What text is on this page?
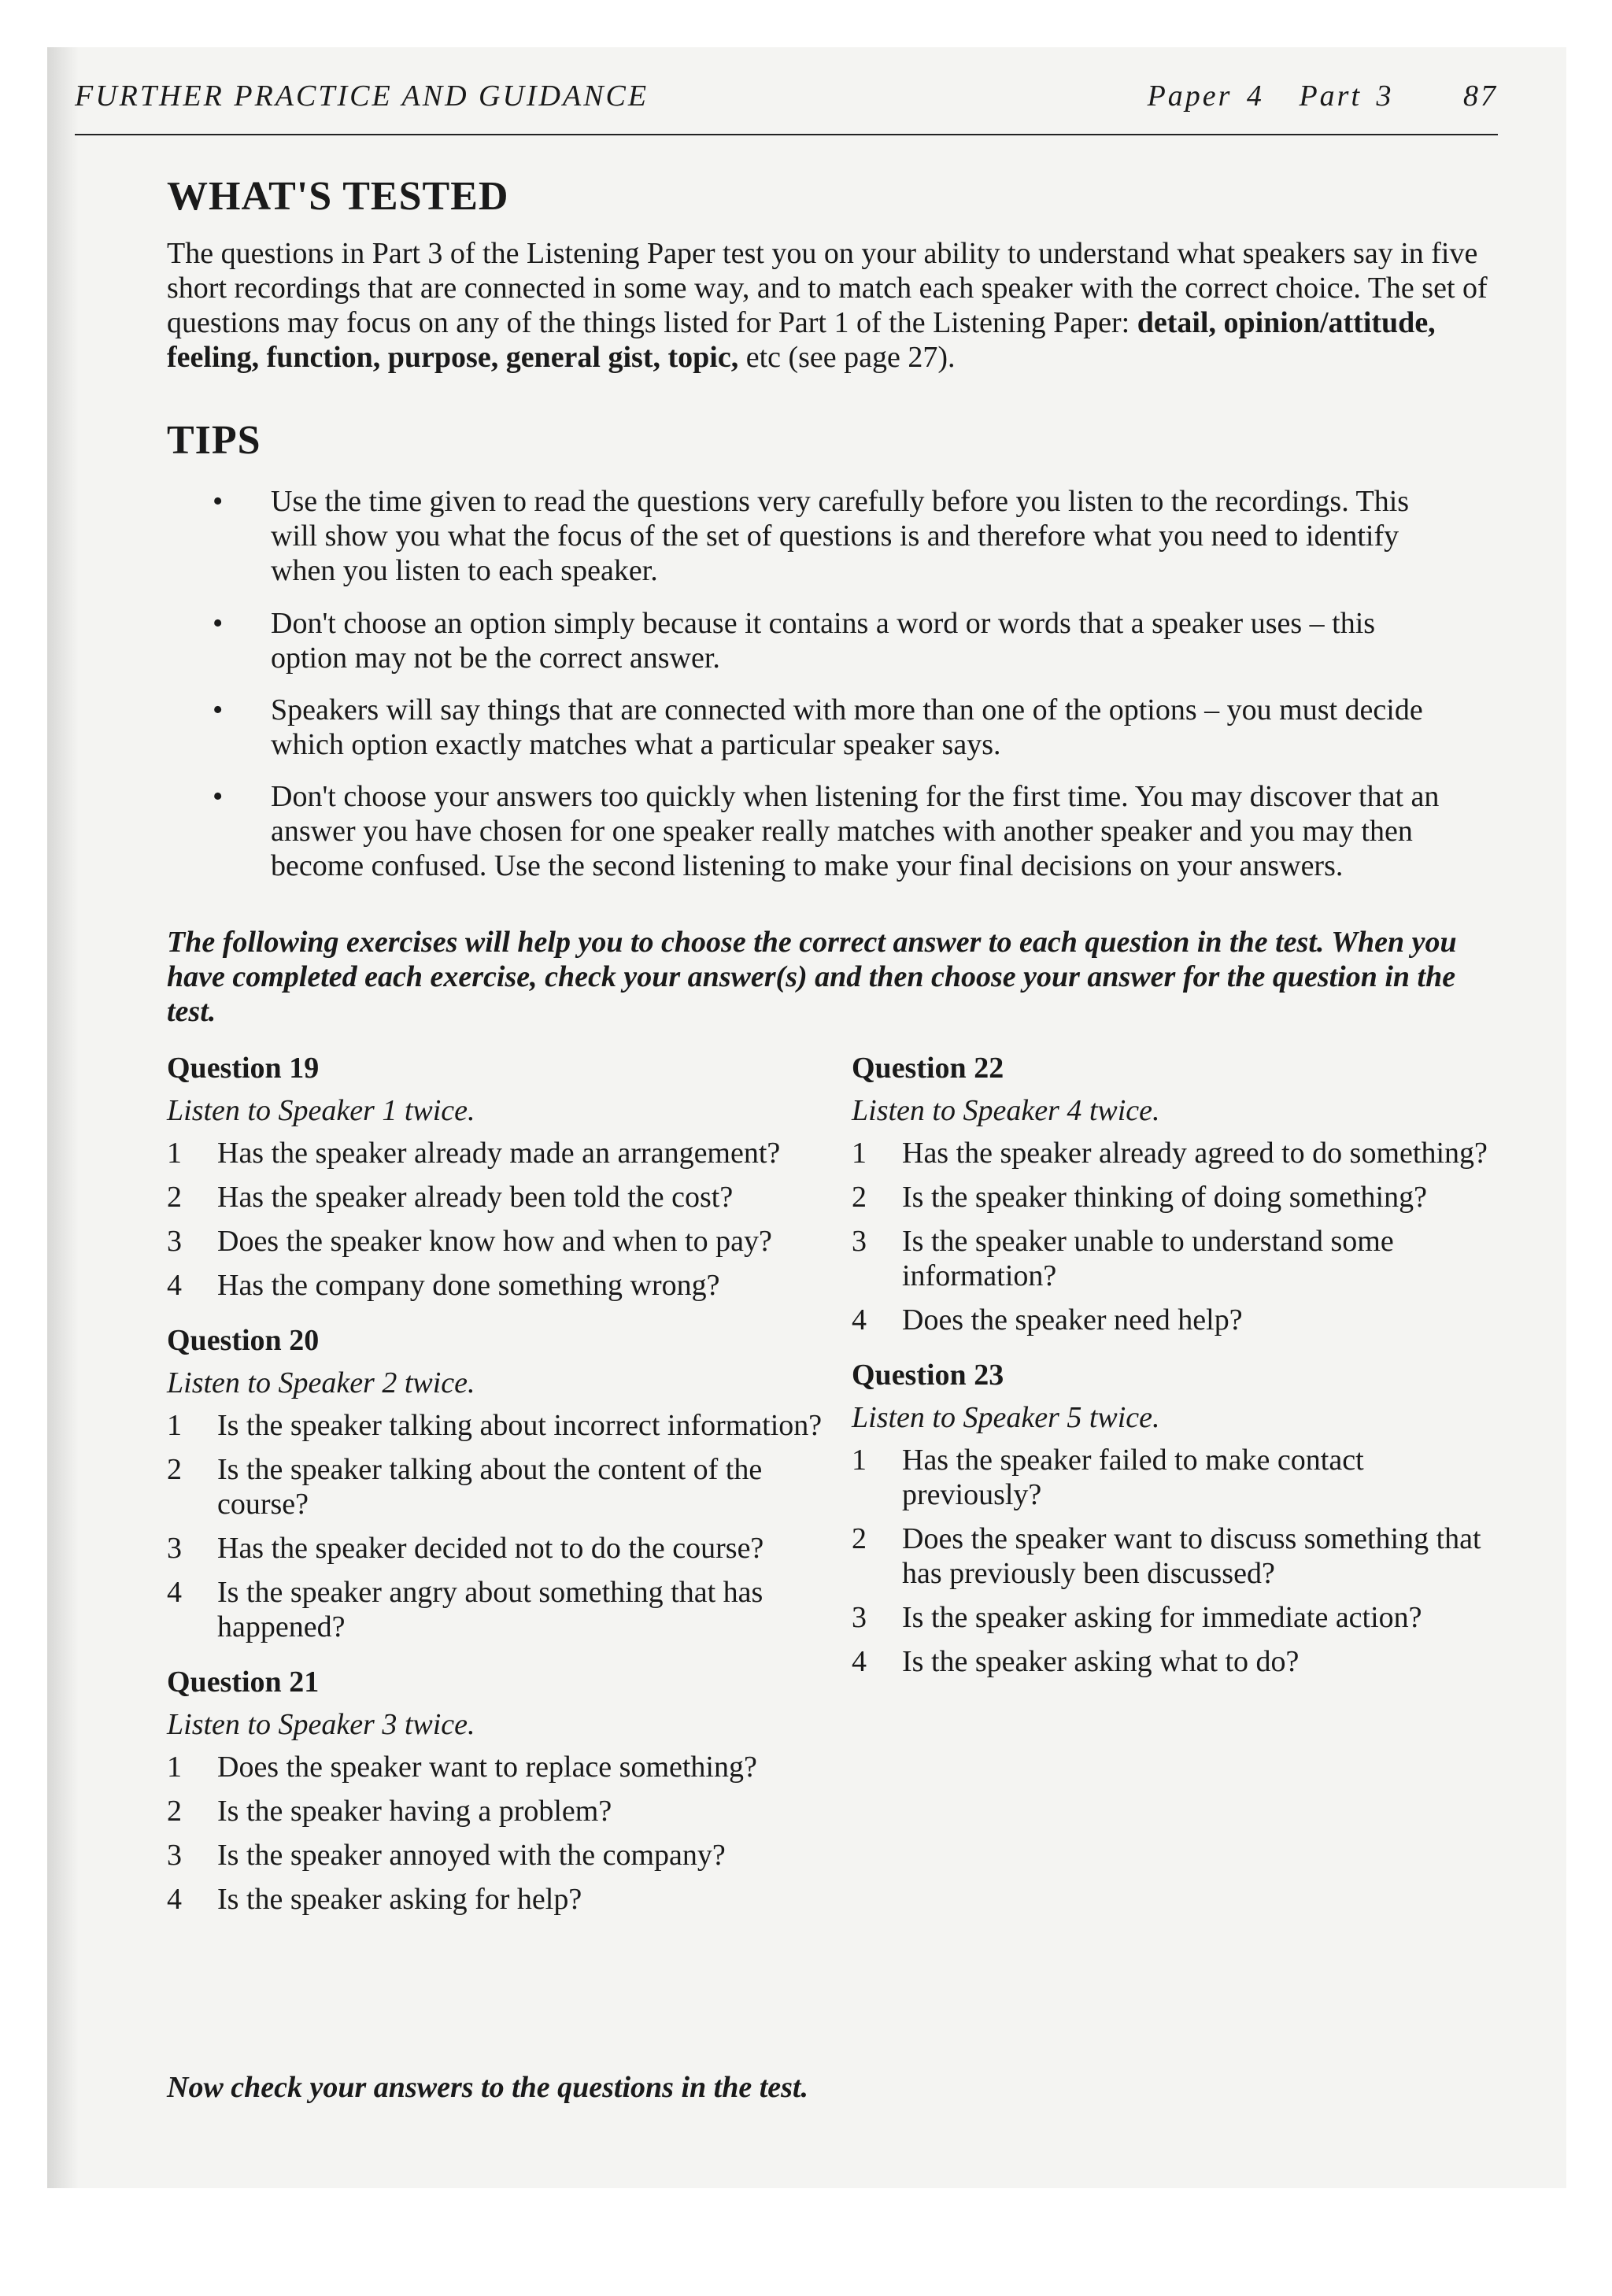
FURTHER PRACTICE AND GUIDANCE	Paper 4 Part 3 87
WHAT'S TESTED
The questions in Part 3 of the Listening Paper test you on your ability to understand what speakers say in five short recordings that are connected in some way, and to match each speaker with the correct choice. The set of questions may focus on any of the things listed for Part 1 of the Listening Paper: detail, opinion/attitude, feeling, function, purpose, general gist, topic, etc (see page 27).
TIPS
•	Use the time given to read the questions very carefully before you listen to the recordings. This will show you what the focus of the set of questions is and therefore what you need to identify when you listen to each speaker.
•	Don't choose an option simply because it contains a word or words that a speaker uses – this option may not be the correct answer.
•	Speakers will say things that are connected with more than one of the options – you must decide which option exactly matches what a particular speaker says.
•	Don't choose your answers too quickly when listening for the first time. You may discover that an answer you have chosen for one speaker really matches with another speaker and you may then become confused. Use the second listening to make your final decisions on your answers.
The following exercises will help you to choose the correct answer to each question in the test. When you have completed each exercise, check your answer(s) and then choose your answer for the question in the test.
Question 19
Listen to Speaker 1 twice.
1 Has the speaker already made an arrangement?
2 Has the speaker already been told the cost?
3 Does the speaker know how and when to pay?
4 Has the company done something wrong?
Question 20
Listen to Speaker 2 twice.
1 Is the speaker talking about incorrect information?
2 Is the speaker talking about the content of the course?
3 Has the speaker decided not to do the course?
4 Is the speaker angry about something that has happened?
Question 21
Listen to Speaker 3 twice.
1 Does the speaker want to replace something?
2 Is the speaker having a problem?
3 Is the speaker annoyed with the company?
4 Is the speaker asking for help?
Question 22
Listen to Speaker 4 twice.
1 Has the speaker already agreed to do something?
2 Is the speaker thinking of doing something?
3 Is the speaker unable to understand some information?
4 Does the speaker need help?
Question 23
Listen to Speaker 5 twice.
1 Has the speaker failed to make contact previously?
2 Does the speaker want to discuss something that has previously been discussed?
3 Is the speaker asking for immediate action?
4 Is the speaker asking what to do?
Now check your answers to the questions in the test.
